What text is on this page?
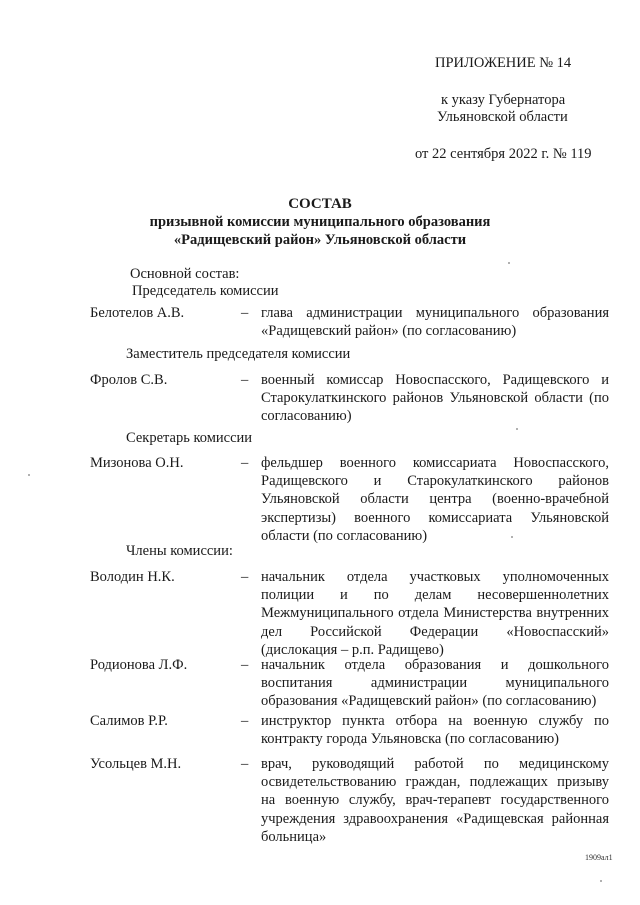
ПРИЛОЖЕНИЕ № 14
к указу Губернатора
Ульяновской области
от 22 сентября 2022 г. № 119
СОСТАВ
призывной комиссии муниципального образования
«Радищевский район» Ульяновской области
Основной состав:
Председатель комиссии
Белотелов А.В.	– глава администрации муниципального образования «Радищевский район» (по согласованию)
Заместитель председателя комиссии
Фролов С.В.	– военный комиссар Новоспасского, Радищевского и Старокулаткинского районов Ульяновской области (по согласованию)
Секретарь комиссии
Мизонова О.Н.	– фельдшер военного комиссариата Новоспасского, Радищевского и Старокулаткинского районов Ульяновской области центра (военно-врачебной экспертизы) военного комиссариата Ульяновской области (по согласованию)
Члены комиссии:
Володин Н.К.	– начальник отдела участковых уполномоченных полиции и по делам несовершеннолетних Межмуниципального отдела Министерства внутренних дел Российской Федерации «Новоспасский» (дислокация – р.п. Радищево)
Родионова Л.Ф.	– начальник отдела образования и дошкольного воспитания администрации муниципального образования «Радищевский район» (по согласованию)
Салимов Р.Р.	– инструктор пункта отбора на военную службу по контракту города Ульяновска (по согласованию)
Усольцев М.Н.	– врач, руководящий работой по медицинскому освидетельствованию граждан, подлежащих призыву на военную службу, врач-терапевт государственного учреждения здравоохранения «Радищевская районная больница»
1909ал1
